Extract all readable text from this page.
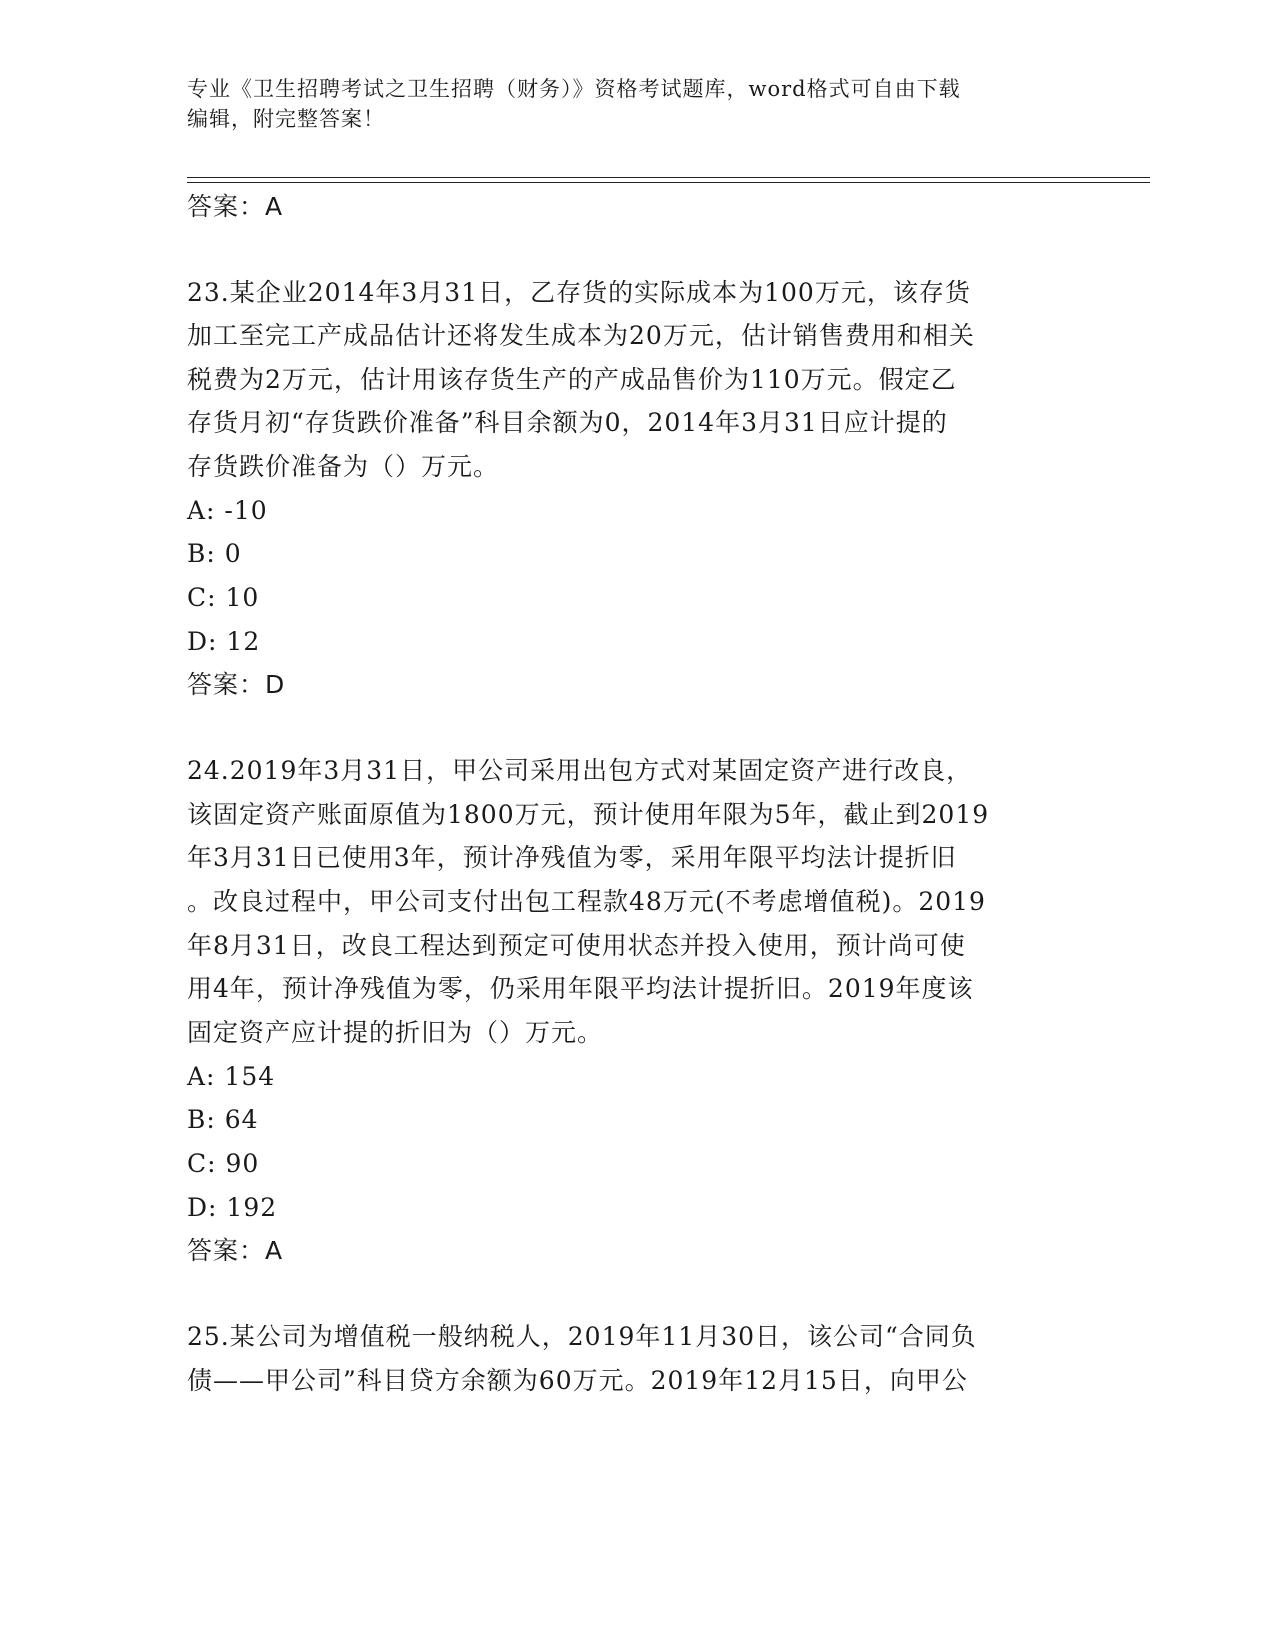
专业《卫生招聘考试之卫生招聘（财务）》资格考试题库，word格式可自由下载
编辑，附完整答案！
答案：A
23.某企业2014年3月31日，乙存货的实际成本为100万元，该存货
加工至完工产成品估计还将发生成本为20万元，估计销售费用和相关
税费为2万元，估计用该存货生产的产成品售价为110万元。假定乙
存货月初“存货跌价准备”科目余额为0，2014年3月31日应计提的
存货跌价准备为（）万元。
A: -10
B: 0
C: 10
D: 12
答案：D
24.2019年3月31日，甲公司采用出包方式对某固定资产进行改良，
该固定资产账面原值为1800万元，预计使用年限为5年，截止到2019
年3月31日已使用3年，预计净残值为零，采用年限平均法计提折旧
。改良过程中，甲公司支付出包工程款48万元(不考虑增值税)。2019
年8月31日，改良工程达到预定可使用状态并投入使用，预计尚可使
用4年，预计净残值为零，仍采用年限平均法计提折旧。2019年度该
固定资产应计提的折旧为（）万元。
A: 154
B: 64
C: 90
D: 192
答案：A
25.某公司为增值税一般纳税人，2019年11月30日，该公司“合同负
债——甲公司”科目贷方余额为60万元。2019年12月15日，向甲公
